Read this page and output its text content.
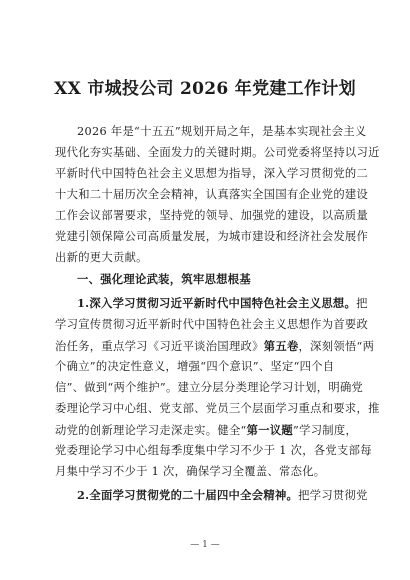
XX 市城投公司 2026 年党建工作计划
2026 年是“十五五”规划开局之年，是基本实现社会主义
现代化夯实基础、全面发力的关键时期。公司党委将坚持以习近
平新时代中国特色社会主义思想为指导，深入学习贯彻党的二
十大和二十届历次全会精神，认真落实全国国有企业党的建设
工作会议部署要求，坚持党的领导、加强党的建设，以高质量
党建引领保障公司高质量发展，为城市建设和经济社会发展作
出新的更大贡献。
一、强化理论武装，筑牢思想根基
1.深入学习贯彻习近平新时代中国特色社会主义思想。把
学习宣传贯彻习近平新时代中国特色社会主义思想作为首要政
治任务，重点学习《习近平谈治国理政》第五卷，深刻领悟“两
个确立”的决定性意义，增强“四个意识”、坚定“四个自
信”、做到“两个维护”。建立分层分类理论学习计划，明确党
委理论学习中心组、党支部、党员三个层面学习重点和要求，推
动党的创新理论学习走深走实。健全“第一议题”学习制度，
党委理论学习中心组每季度集中学习不少于 1 次，各党支部每
月集中学习不少于 1 次，确保学习全覆盖、常态化。
2.全面学习贯彻党的二十届四中全会精神。把学习贯彻党
— 1 —
